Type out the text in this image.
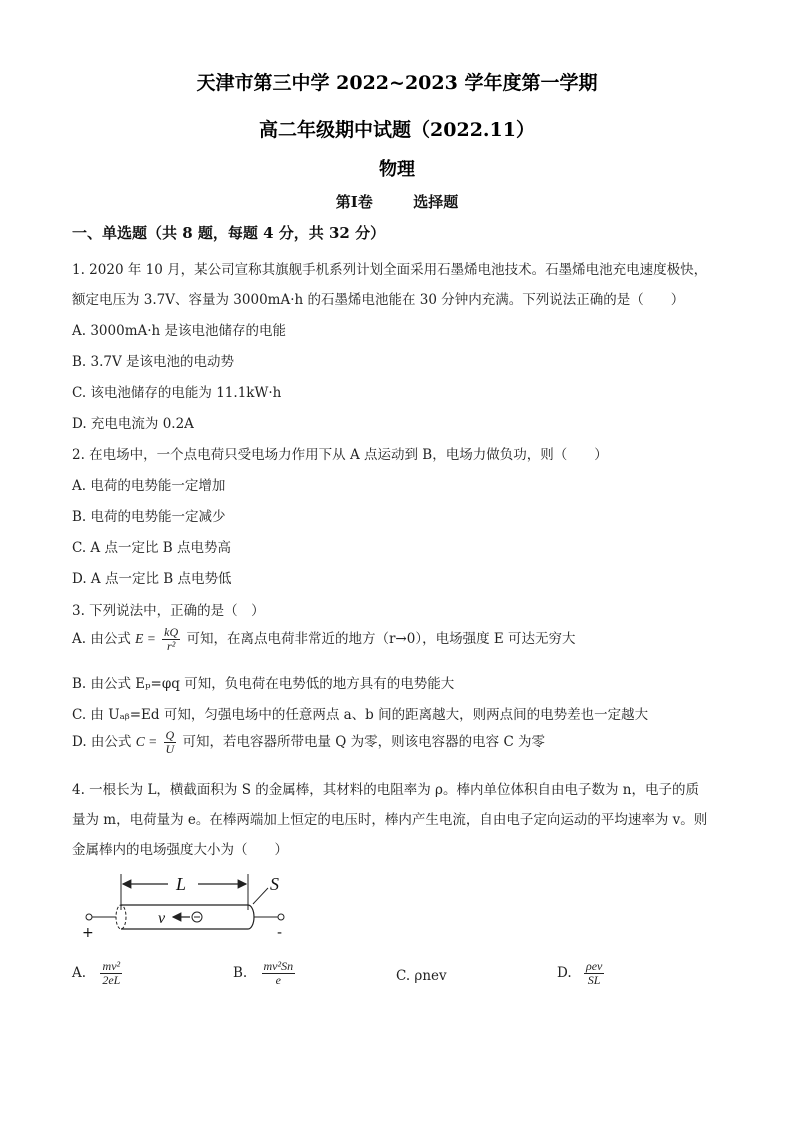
天津市第三中学 2022~2023 学年度第一学期
高二年级期中试题（2022.11）
物理
第Ⅰ卷	选择题
一、单选题（共 8 题，每题 4 分，共 32 分）
1. 2020 年 10 月，某公司宣称其旗舰手机系列计划全面采用石墨烯电池技术。石墨烯电池充电速度极快，
额定电压为 3.7V、容量为 3000mA·h 的石墨烯电池能在 30 分钟内充满。下列说法正确的是（　　）
A. 3000mA·h 是该电池储存的电能
B. 3.7V 是该电池的电动势
C. 该电池储存的电能为 11.1kW·h
D. 充电电流为 0.2A
2. 在电场中，一个点电荷只受电场力作用下从 A 点运动到 B，电场力做负功，则（　　）
A. 电荷的电势能一定增加
B. 电荷的电势能一定减少
C. A 点一定比 B 点电势高
D. A 点一定比 B 点电势低
3. 下列说法中，正确的是（　）
A. 由公式 $E = \frac{kQ}{\text{r²}}$ 可知，在离点电荷非常近的地方（r→0），电场强度 E 可达无穷大
B. 由公式 Eₚ=φq 可知，负电荷在电势低的地方具有的电势能大
C. 由 Uₐᵦ=Ed 可知，匀强电场中的任意两点 a、b 间的距离越大，则两点间的电势差也一定越大
D. 由公式 $C = \frac{Q}{U}$ 可知，若电容器所带电量 Q 为零，则该电容器的电容 C 为零
4. 一根长为 L，横截面积为 S 的金属棒，其材料的电阻率为 ρ。棒内单位体积自由电子数为 n，电子的质
量为 m，电荷量为 e。在棒两端加上恒定的电压时，棒内产生电流，自由电子定向运动的平均速率为 v。则
金属棒内的电场强度大小为（　　）
L	S
+	-
v
A. $\frac{\text{mv²}}{2eL}$	B. $\frac{\text{mv²Sn}}{e}$	C. ρnev	D. $\frac{\text{ρev}}{SL}$
